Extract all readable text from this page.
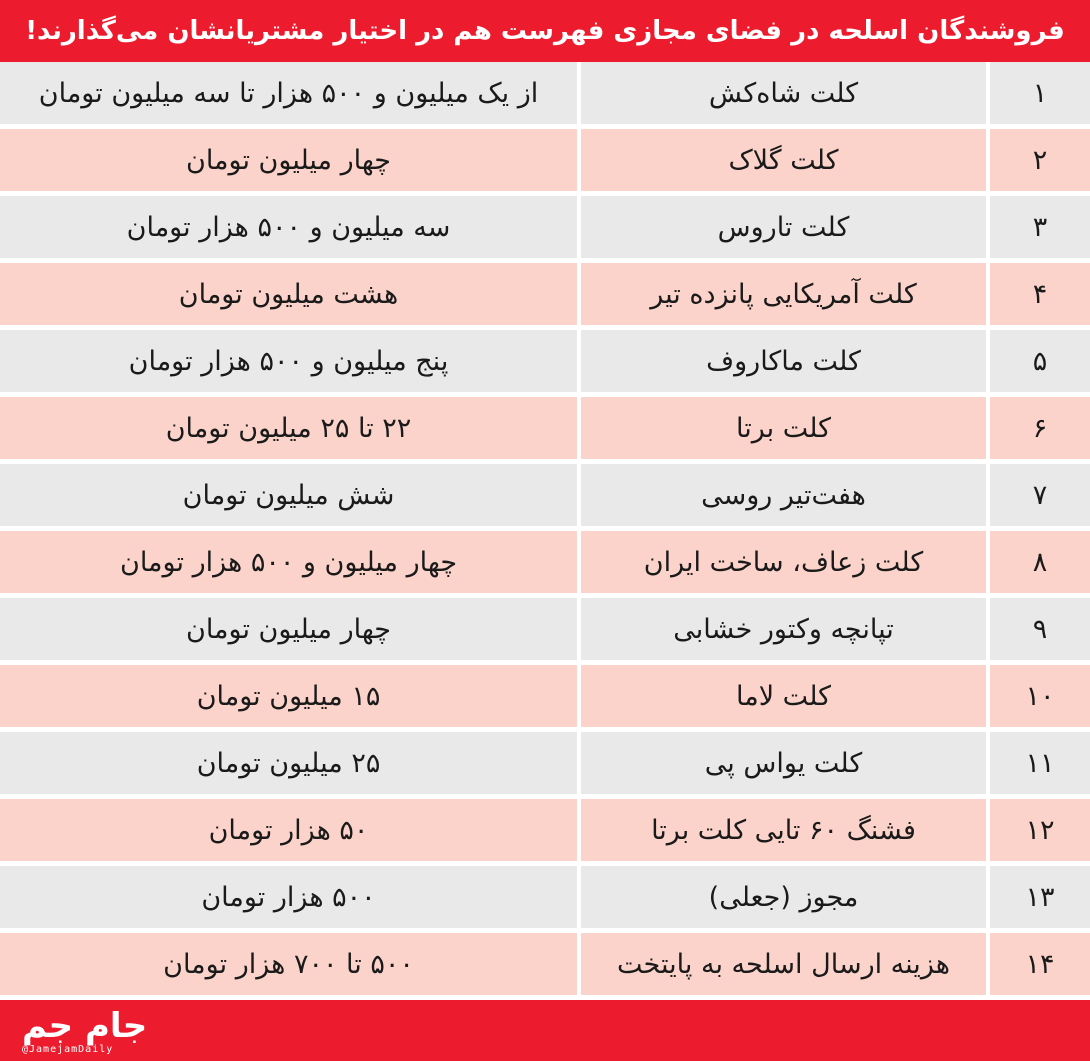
فروشندگان اسلحه در فضای مجازی فهرست هم در اختیار مشتریانشان می‌گذارند!
۱
کلت شاه‌کش
از یک میلیون و ۵۰۰ هزار تا سه میلیون تومان
۲
کلت گلاک
چهار میلیون تومان
۳
کلت تاروس
سه میلیون و ۵۰۰ هزار تومان
۴
کلت آمریکایی پانزده تیر
هشت میلیون تومان
۵
کلت ماکاروف
پنج میلیون و ۵۰۰ هزار تومان
۶
کلت برتا
۲۲ تا ۲۵ میلیون تومان
۷
هفت‌تیر روسی
شش میلیون تومان
۸
کلت زعاف، ساخت ایران
چهار میلیون و ۵۰۰ هزار تومان
۹
تپانچه وکتور خشابی
چهار میلیون تومان
۱۰
کلت لاما
۱۵ میلیون تومان
۱۱
کلت یواس پی
۲۵ میلیون تومان
۱۲
فشنگ ۶۰ تایی کلت برتا
۵۰ هزار تومان
۱۳
مجوز (جعلی)
۵۰۰ هزار تومان
۱۴
هزینه ارسال اسلحه به پایتخت
۵۰۰ تا ۷۰۰ هزار تومان
جام جم
@JamejamDaily
